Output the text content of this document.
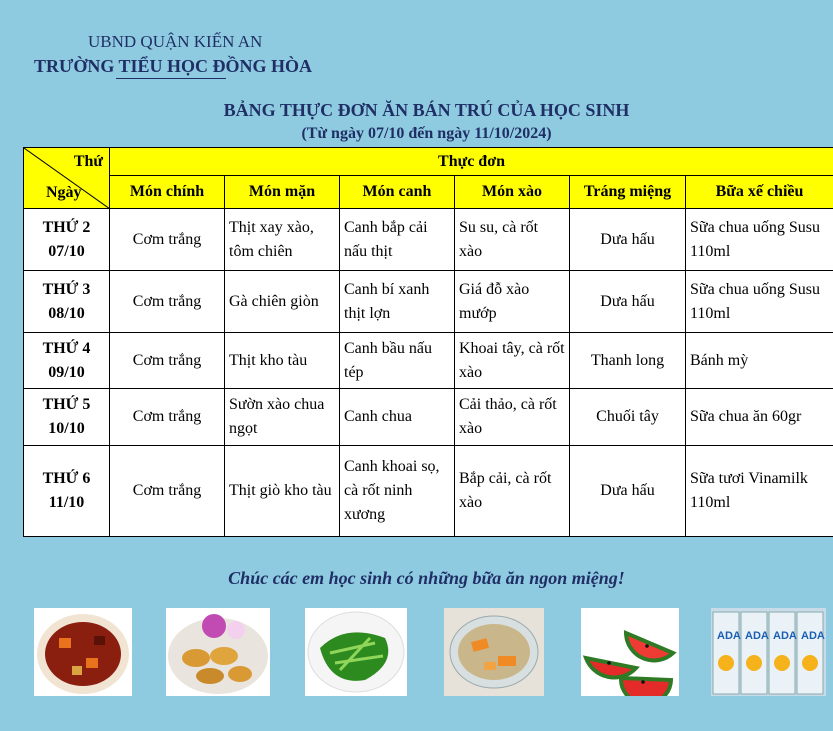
UBND QUẬN KIẾN AN
TRƯỜNG TIỂU HỌC ĐỒNG HÒA
BẢNG THỰC ĐƠN ĂN BÁN TRÚ CỦA HỌC SINH
(Từ ngày 07/10 đến ngày 11/10/2024)
Thứ
Ngày	Thực đơn					
	Món chính	Món mặn	Món canh	Món xào	Tráng miệng	Bữa xế chiều
THỨ 2
07/10	Cơm trắng	Thịt xay xào, tôm chiên	Canh bắp cải nấu thịt	Su su, cà rốt xào	Dưa hấu	Sữa chua uống Susu 110ml
THỨ 3
08/10	Cơm trắng	Gà chiên giòn	Canh bí xanh thịt lợn	Giá đỗ xào mướp	Dưa hấu	Sữa chua uống Susu 110ml
THỨ 4
09/10	Cơm trắng	Thịt kho tàu	Canh bầu nấu tép	Khoai tây, cà rốt xào	Thanh long	Bánh mỳ
THỨ 5
10/10	Cơm trắng	Sườn xào chua ngọt	Canh chua	Cải thảo, cà rốt xào	Chuối tây	Sữa chua ăn 60gr
THỨ 6
11/10	Cơm trắng	Thịt giò kho tàu	Canh khoai sọ, cà rốt ninh xương	Bắp cải, cà rốt xào	Dưa hấu	Sữa tươi Vinamilk 110ml
Chúc các em học sinh có những bữa ăn ngon miệng!
ADA ADA ADA ADA
